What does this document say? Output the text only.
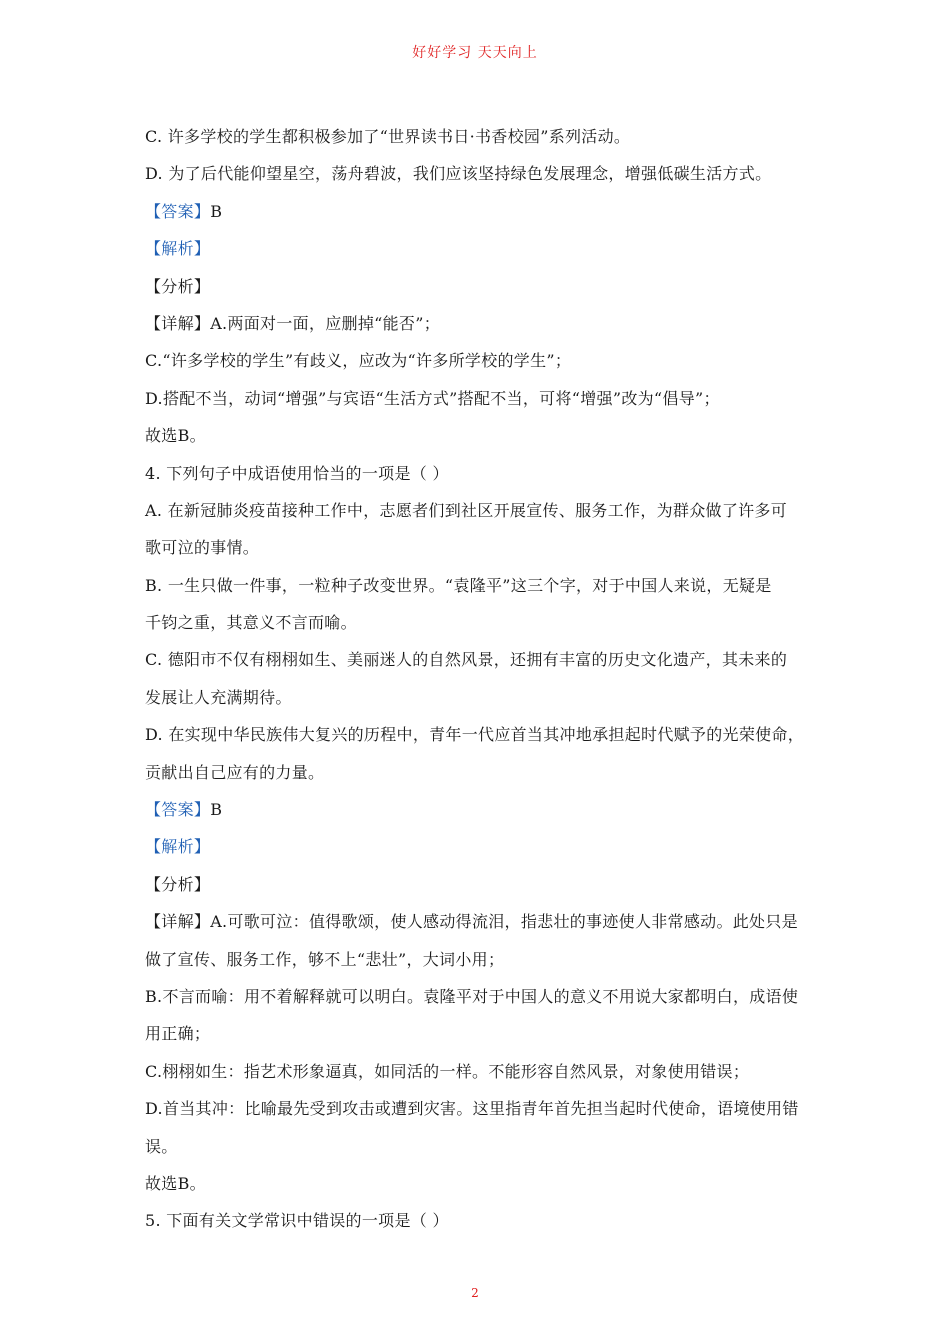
好好学习 天天向上
C. 许多学校的学生都积极参加了“世界读书日·书香校园”系列活动。
D. 为了后代能仰望星空，荡舟碧波，我们应该坚持绿色发展理念，增强低碳生活方式。
【答案】B
【解析】
【分析】
【详解】A.两面对一面，应删掉“能否”；
C.“许多学校的学生”有歧义，应改为“许多所学校的学生”；
D.搭配不当，动词“增强”与宾语“生活方式”搭配不当，可将“增强”改为“倡导”；
故选B。
4. 下列句子中成语使用恰当的一项是（ ）
A. 在新冠肺炎疫苗接种工作中，志愿者们到社区开展宣传、服务工作，为群众做了许多可
歌可泣的事情。
B. 一生只做一件事，一粒种子改变世界。“袁隆平”这三个字，对于中国人来说，无疑是
千钧之重，其意义不言而喻。
C. 德阳市不仅有栩栩如生、美丽迷人的自然风景，还拥有丰富的历史文化遗产，其未来的
发展让人充满期待。
D. 在实现中华民族伟大复兴的历程中，青年一代应首当其冲地承担起时代赋予的光荣使命，
贡献出自己应有的力量。
【答案】B
【解析】
【分析】
【详解】A.可歌可泣：值得歌颂，使人感动得流泪，指悲壮的事迹使人非常感动。此处只是
做了宣传、服务工作，够不上“悲壮”，大词小用；
B.不言而喻：用不着解释就可以明白。袁隆平对于中国人的意义不用说大家都明白，成语使
用正确；
C.栩栩如生：指艺术形象逼真，如同活的一样。不能形容自然风景，对象使用错误；
D.首当其冲：比喻最先受到攻击或遭到灾害。这里指青年首先担当起时代使命，语境使用错
误。
故选B。
5. 下面有关文学常识中错误的一项是（ ）
2
